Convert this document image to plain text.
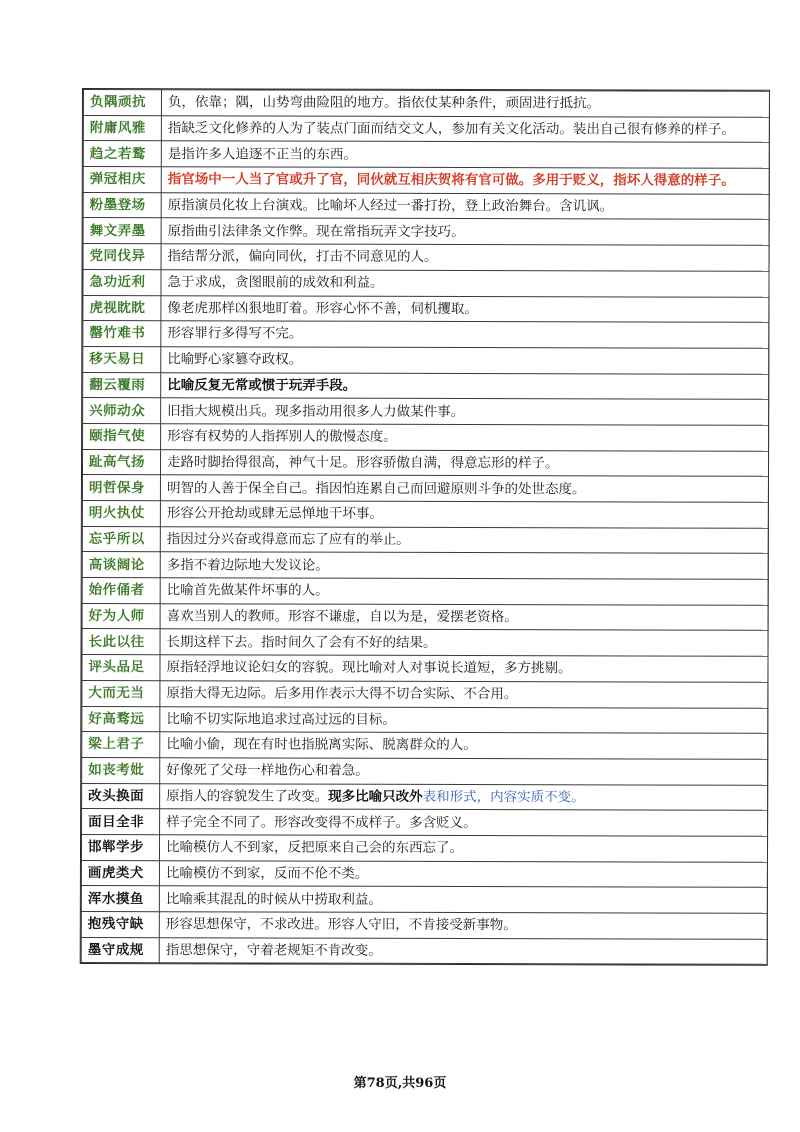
负隅顽抗	负，依靠；隅，山势弯曲险阻的地方。指依仗某种条件，顽固进行抵抗。
附庸风雅	指缺乏文化修养的人为了装点门面而结交文人，参加有关文化活动。装出自己很有修养的样子。
趋之若鹜	是指许多人追逐不正当的东西。
弹冠相庆	指官场中一人当了官或升了官，同伙就互相庆贺将有官可做。多用于贬义，指坏人得意的样子。
粉墨登场	原指演员化妆上台演戏。比喻坏人经过一番打扮，登上政治舞台。含讥讽。
舞文弄墨	原指曲引法律条文作弊。现在常指玩弄文字技巧。
党同伐异	指结帮分派，偏向同伙，打击不同意见的人。
急功近利	急于求成，贪图眼前的成效和利益。
虎视眈眈	像老虎那样凶狠地盯着。形容心怀不善，伺机攫取。
罄竹难书	形容罪行多得写不完。
移天易日	比喻野心家篡夺政权。
翻云覆雨	比喻反复无常或惯于玩弄手段。
兴师动众	旧指大规模出兵。现多指动用很多人力做某件事。
颐指气使	形容有权势的人指挥别人的傲慢态度。
趾高气扬	走路时脚抬得很高，神气十足。形容骄傲自满，得意忘形的样子。
明哲保身	明智的人善于保全自己。指因怕连累自己而回避原则斗争的处世态度。
明火执仗	形容公开抢劫或肆无忌惮地干坏事。
忘乎所以	指因过分兴奋或得意而忘了应有的举止。
高谈阔论	多指不着边际地大发议论。
始作俑者	比喻首先做某件坏事的人。
好为人师	喜欢当别人的教师。形容不谦虚，自以为是，爱摆老资格。
长此以往	长期这样下去。指时间久了会有不好的结果。
评头品足	原指轻浮地议论妇女的容貌。现比喻对人对事说长道短，多方挑剔。
大而无当	原指大得无边际。后多用作表示大得不切合实际、不合用。
好高骛远	比喻不切实际地追求过高过远的目标。
梁上君子	比喻小偷，现在有时也指脱离实际、脱离群众的人。
如丧考妣	好像死了父母一样地伤心和着急。
改头换面	原指人的容貌发生了改变。现多比喻只改外表和形式，内容实质不变。
面目全非	样子完全不同了。形容改变得不成样子。多含贬义。
邯郸学步	比喻模仿人不到家，反把原来自己会的东西忘了。
画虎类犬	比喻模仿不到家，反而不伦不类。
浑水摸鱼	比喻乘其混乱的时候从中捞取利益。
抱残守缺	形容思想保守，不求改进。形容人守旧，不肯接受新事物。
墨守成规	指思想保守，守着老规矩不肯改变。
第78页,共96页
